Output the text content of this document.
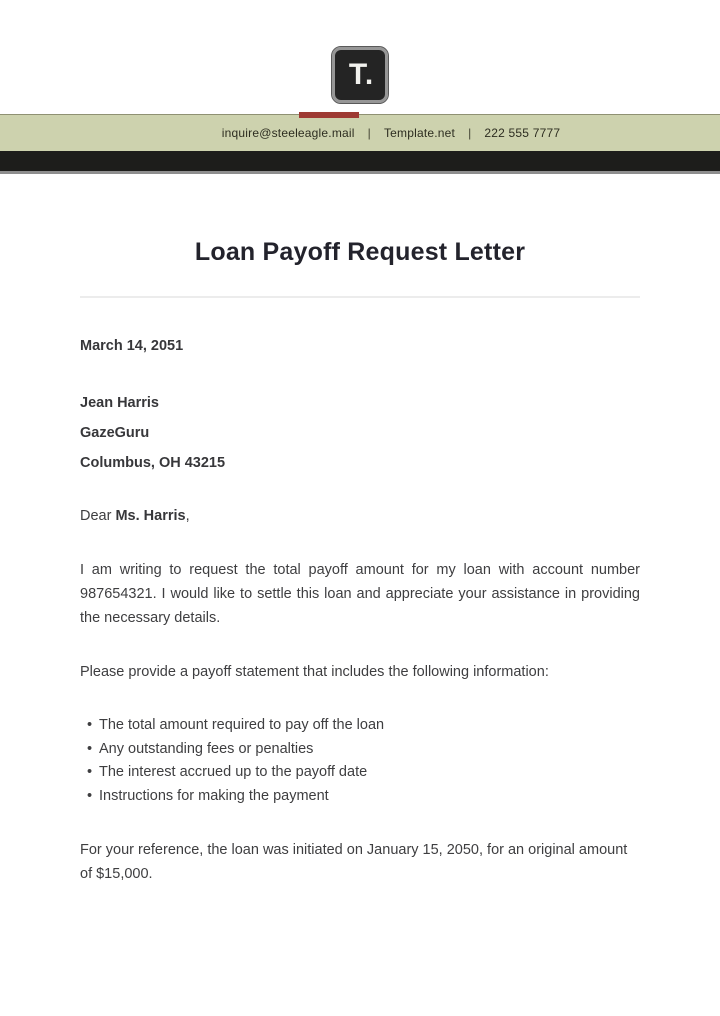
T.
inquire@steeleagle.mail | Template.net | 222 555 7777
Loan Payoff Request Letter

March 14, 2051

Jean Harris

GazeGuru

Columbus, OH 43215

Dear Ms. Harris,

I am writing to request the total payoff amount for my loan with account number 987654321. I would like to settle this loan and appreciate your assistance in providing the necessary details.

Please provide a payoff statement that includes the following information:

• The total amount required to pay off the loan
• Any outstanding fees or penalties
• The interest accrued up to the payoff date
• Instructions for making the payment

For your reference, the loan was initiated on January 15, 2050, for an original amount of $15,000.
